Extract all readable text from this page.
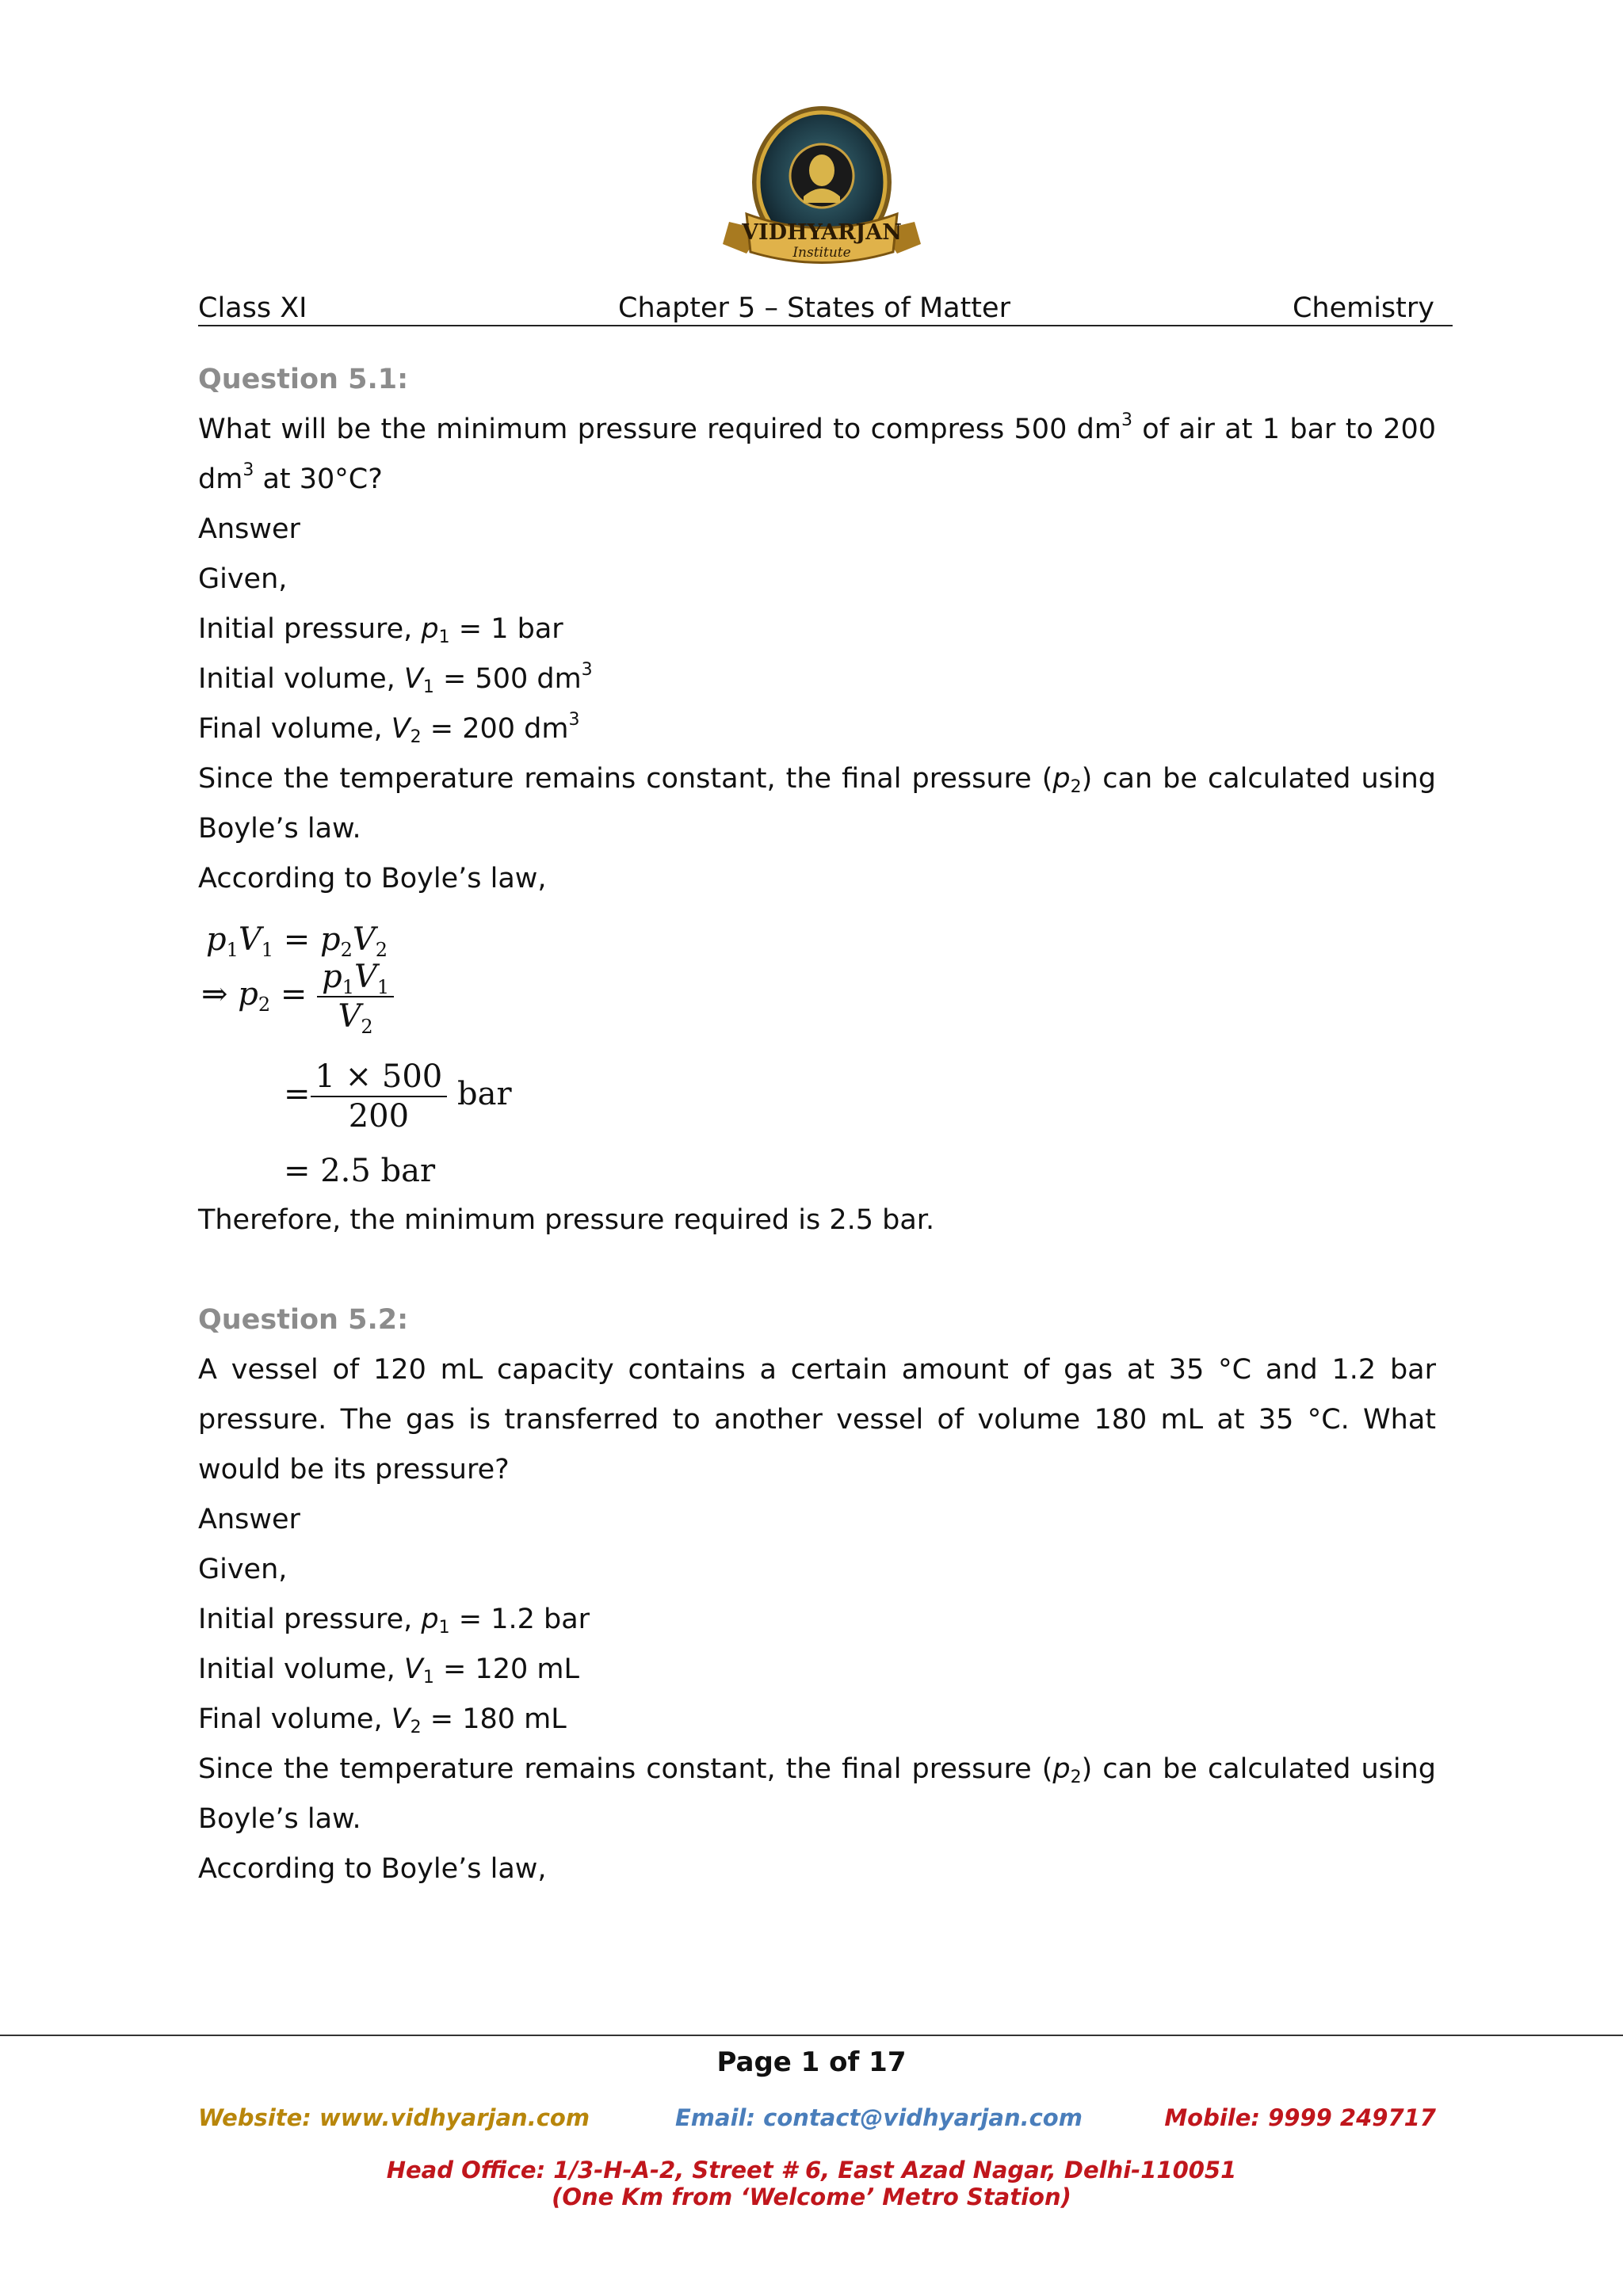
VIDHYARJAN
Institute
Class XI	Chapter 5 – States of Matter	Chemistry

Question 5.1:

What will be the minimum pressure required to compress 500 $dm^3$ of air at 1 bar to 200 $dm^3$ at 30°C?

Answer

Given,

Initial pressure, $p_1 = 1$ bar

Initial volume, $V_1 = 500$ $dm^3$

Final volume, $V_2 = 200$ $dm^3$

Since the temperature remains constant, the final pressure $(p_2)$ can be calculated using Boyle’s law.

According to Boyle’s law,

$p_1V_1 = p_2V_2$
⇒ $p_2 = \frac{p_1V_1}{V_2}$
= $\frac{1 \times 500}{200}$ bar
= 2.5 bar

Therefore, the minimum pressure required is 2.5 bar.

Question 5.2:

A vessel of 120 mL capacity contains a certain amount of gas at 35 °C and 1.2 bar pressure. The gas is transferred to another vessel of volume 180 mL at 35 °C. What would be its pressure?

Answer

Given,

Initial pressure, $p_1 = 1.2$ bar

Initial volume, $V_1 = 120$ mL

Final volume, $V_2 = 180$ mL

Since the temperature remains constant, the final pressure $(p_2)$ can be calculated using Boyle’s law.

According to Boyle’s law,

Page 1 of 17
Website: www.vidhyarjan.com	Email: contact@vidhyarjan.com	Mobile: 9999 249717
Head Office: 1/3-H-A-2, Street # 6, East Azad Nagar, Delhi-110051
(One Km from ‘Welcome’ Metro Station)
